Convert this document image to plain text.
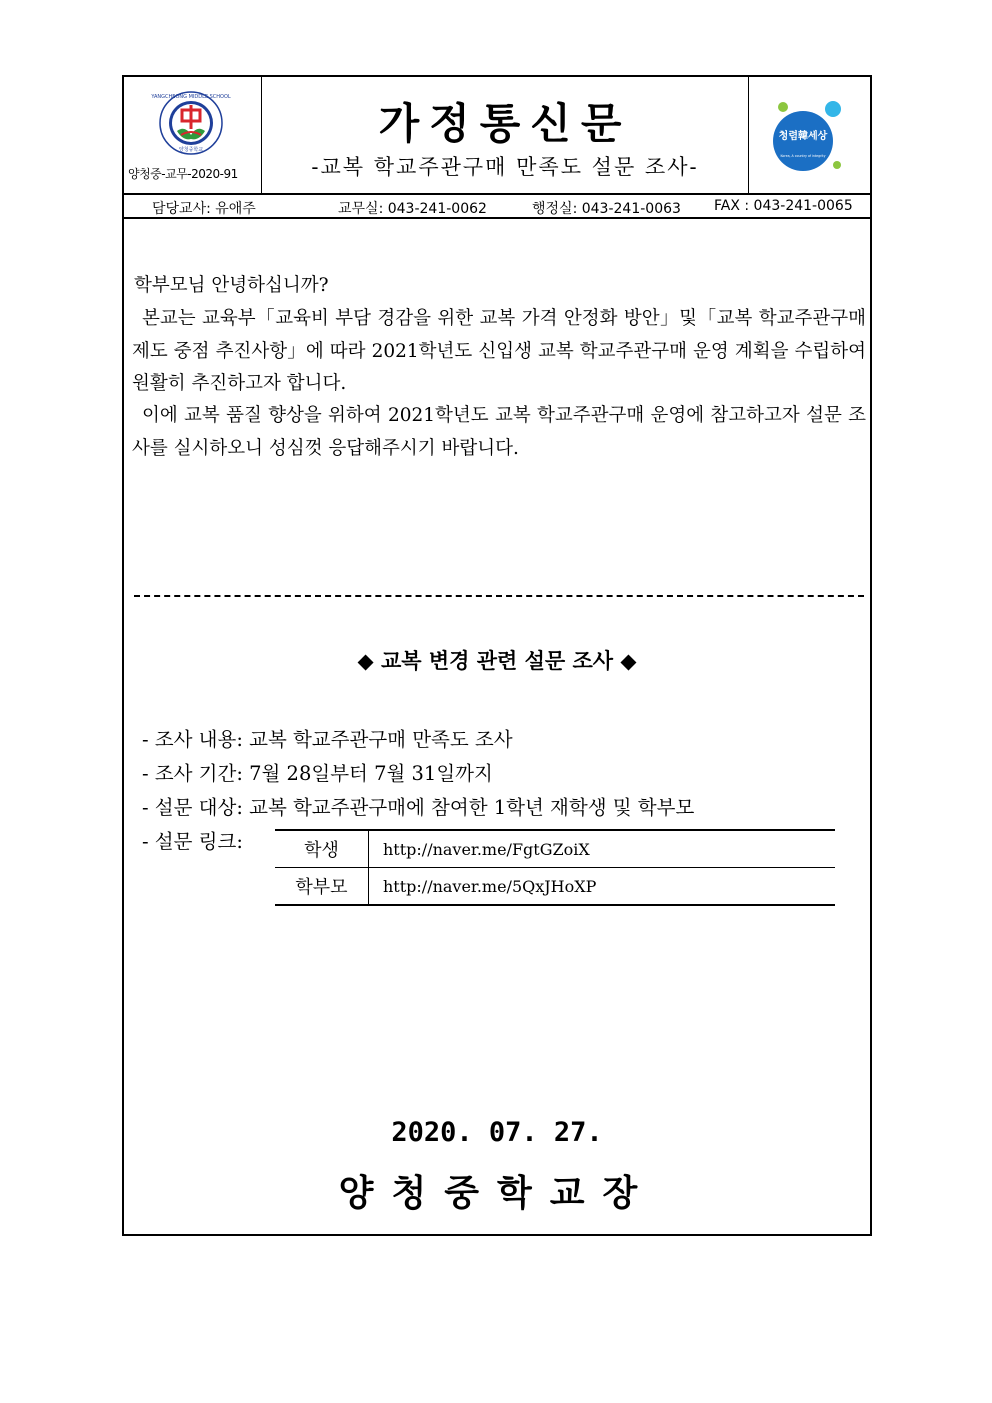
YANGCHEONG MIDDLE SCHOOL
양청중학교
양청중-교무-2020-91
가정통신문
-교복 학교주관구매 만족도 설문 조사-
청렴韓세상
Korea, A country of integrity
담당교사: 유애주	교무실: 043-241-0062	행정실: 043-241-0063 FAX : 043-241-0065
학부모님 안녕하십니까?
본교는 교육부「교육비 부담 경감을 위한 교복 가격 안정화 방안」및「교복 학교주관구매 제도 중점 추진사항」에 따라 2021학년도 신입생 교복 학교주관구매 운영 계획을 수립하여 원활히 추진하고자 합니다.
이에 교복 품질 향상을 위하여 2021학년도 교복 학교주관구매 운영에 참고하고자 설문 조사를 실시하오니 성심껏 응답해주시기 바랍니다.
◆ 교복 변경 관련 설문 조사 ◆
- 조사 내용: 교복 학교주관구매 만족도 조사
- 조사 기간: 7월 28일부터 7월 31일까지
- 설문 대상: 교복 학교주관구매에 참여한 1학년 재학생 및 학부모
- 설문 링크:	학생	http://naver.me/FgtGZoiX
학부모	http://naver.me/5QxJHoXP
2020. 07. 27.
양청중학교장
